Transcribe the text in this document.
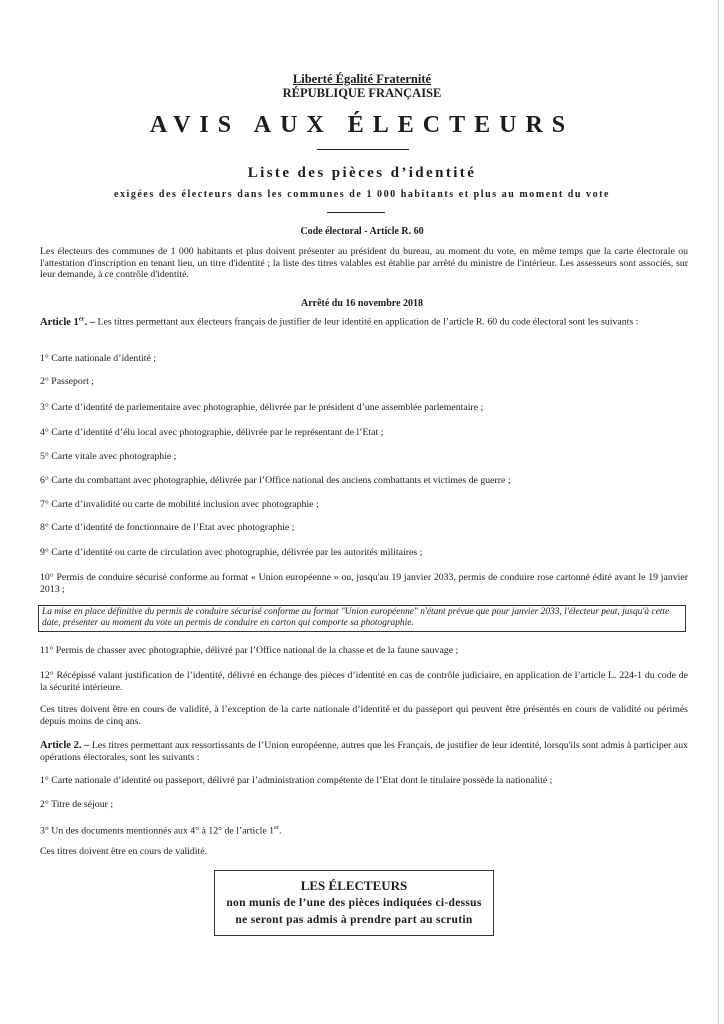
Liberté Égalité Fraternité
RÉPUBLIQUE FRANÇAISE
AVIS AUX ÉLECTEURS
Liste des pièces d’identité
exigées des électeurs dans les communes de 1 000 habitants et plus au moment du vote
Code électoral - Article R. 60
Les électeurs des communes de 1 000 habitants et plus doivent présenter au président du bureau, au moment du vote, en même temps que la carte électorale ou l'attestation d'inscription en tenant lieu, un titre d'identité ; la liste des titres valables est établie par arrêté du ministre de l'intérieur. Les assesseurs sont associés, sur leur demande, à ce contrôle d'identité.
Arrêté du 16 novembre 2018
Article 1er. – Les titres permettant aux électeurs français de justifier de leur identité en application de l’article R. 60 du code électoral sont les suivants :
1° Carte nationale d’identité ;
2° Passeport ;
3° Carte d’identité de parlementaire avec photographie, délivrée par le président d’une assemblée parlementaire ;
4° Carte d’identité d’élu local avec photographie, délivrée par le représentant de l’Etat ;
5° Carte vitale avec photographie ;
6° Carte du combattant avec photographie, délivrée par l’Office national des anciens combattants et victimes de guerre ;
7° Carte d’invalidité ou carte de mobilité inclusion avec photographie ;
8° Carte d’identité de fonctionnaire de l’Etat avec photographie ;
9° Carte d’identité ou carte de circulation avec photographie, délivrée par les autorités militaires ;
10° Permis de conduire sécurisé conforme au format « Union européenne » ou, jusqu'au 19 janvier 2033, permis de conduire rose cartonné édité avant le 19 janvier 2013 ;
La mise en place définitive du permis de conduire sécurisé conforme au format "Union européenne" n'étant prévue que pour janvier 2033, l'électeur peut, jusqu'à cette date, présenter au moment du vote un permis de conduire en carton qui comporte sa photographie.
11° Permis de chasser avec photographie, délivré par l’Office national de la chasse et de la faune sauvage ;
12° Récépissé valant justification de l’identité, délivré en échange des pièces d’identité en cas de contrôle judiciaire, en application de l’article L. 224-1 du code de la sécurité intérieure.
Ces titres doivent être en cours de validité, à l’exception de la carte nationale d’identité et du passeport qui peuvent être présentés en cours de validité ou périmés depuis moins de cinq ans.
Article 2. – Les titres permettant aux ressortissants de l’Union européenne, autres que les Français, de justifier de leur identité, lorsqu'ils sont admis à participer aux opérations électorales, sont les suivants :
1° Carte nationale d’identité ou passeport, délivré par l’administration compétente de l’Etat dont le titulaire possède la nationalité ;
2° Titre de séjour ;
3° Un des documents mentionnés aux 4° à 12° de l’article 1er.
Ces titres doivent être en cours de validité.
LES ÉLECTEURS
non munis de l’une des pièces indiquées ci-dessus
ne seront pas admis à prendre part au scrutin
